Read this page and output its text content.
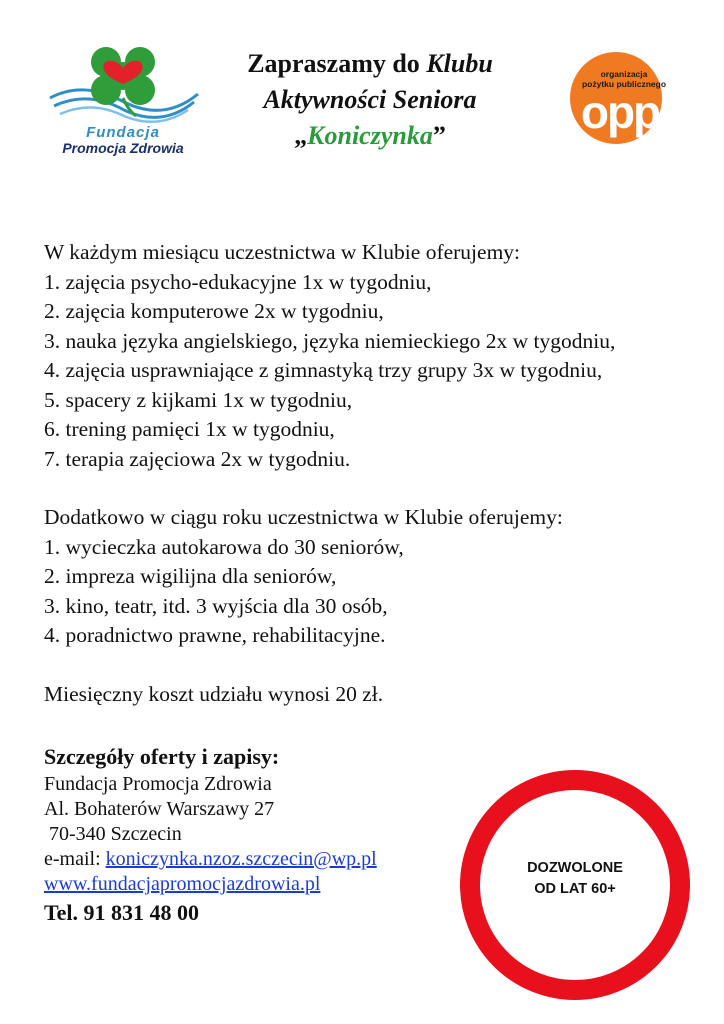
Fundacja
Promocja Zdrowia
Zapraszamy do Klubu
Aktywności Seniora
„Koniczynka”
organizacja
pożytku publicznego
opp

W każdym miesiącu uczestnictwa w Klubie oferujemy:

1. zajęcia psycho-edukacyjne 1x w tygodniu,

2. zajęcia komputerowe 2x w tygodniu,

3. nauka języka angielskiego, języka niemieckiego 2x w tygodniu,

4. zajęcia usprawniające z gimnastyką trzy grupy 3x w tygodniu,

5. spacery z kijkami 1x w tygodniu,

6. trening pamięci 1x w tygodniu,

7. terapia zajęciowa 2x w tygodniu.

Dodatkowo w ciągu roku uczestnictwa w Klubie oferujemy:

1. wycieczka autokarowa do 30 seniorów,

2. impreza wigilijna dla seniorów,

3. kino, teatr, itd. 3 wyjścia dla 30 osób,

4. poradnictwo prawne, rehabilitacyjne.

Miesięczny koszt udziału wynosi 20 zł.

Szczegóły oferty i zapisy:
Fundacja Promocja Zdrowia
Al. Bohaterów Warszawy 27
70-340 Szczecin
e-mail: koniczynka.nzoz.szczecin@wp.pl
www.fundacjapromocjazdrowia.pl
Tel. 91 831 48 00
DOZWOLONE
OD LAT 60+
